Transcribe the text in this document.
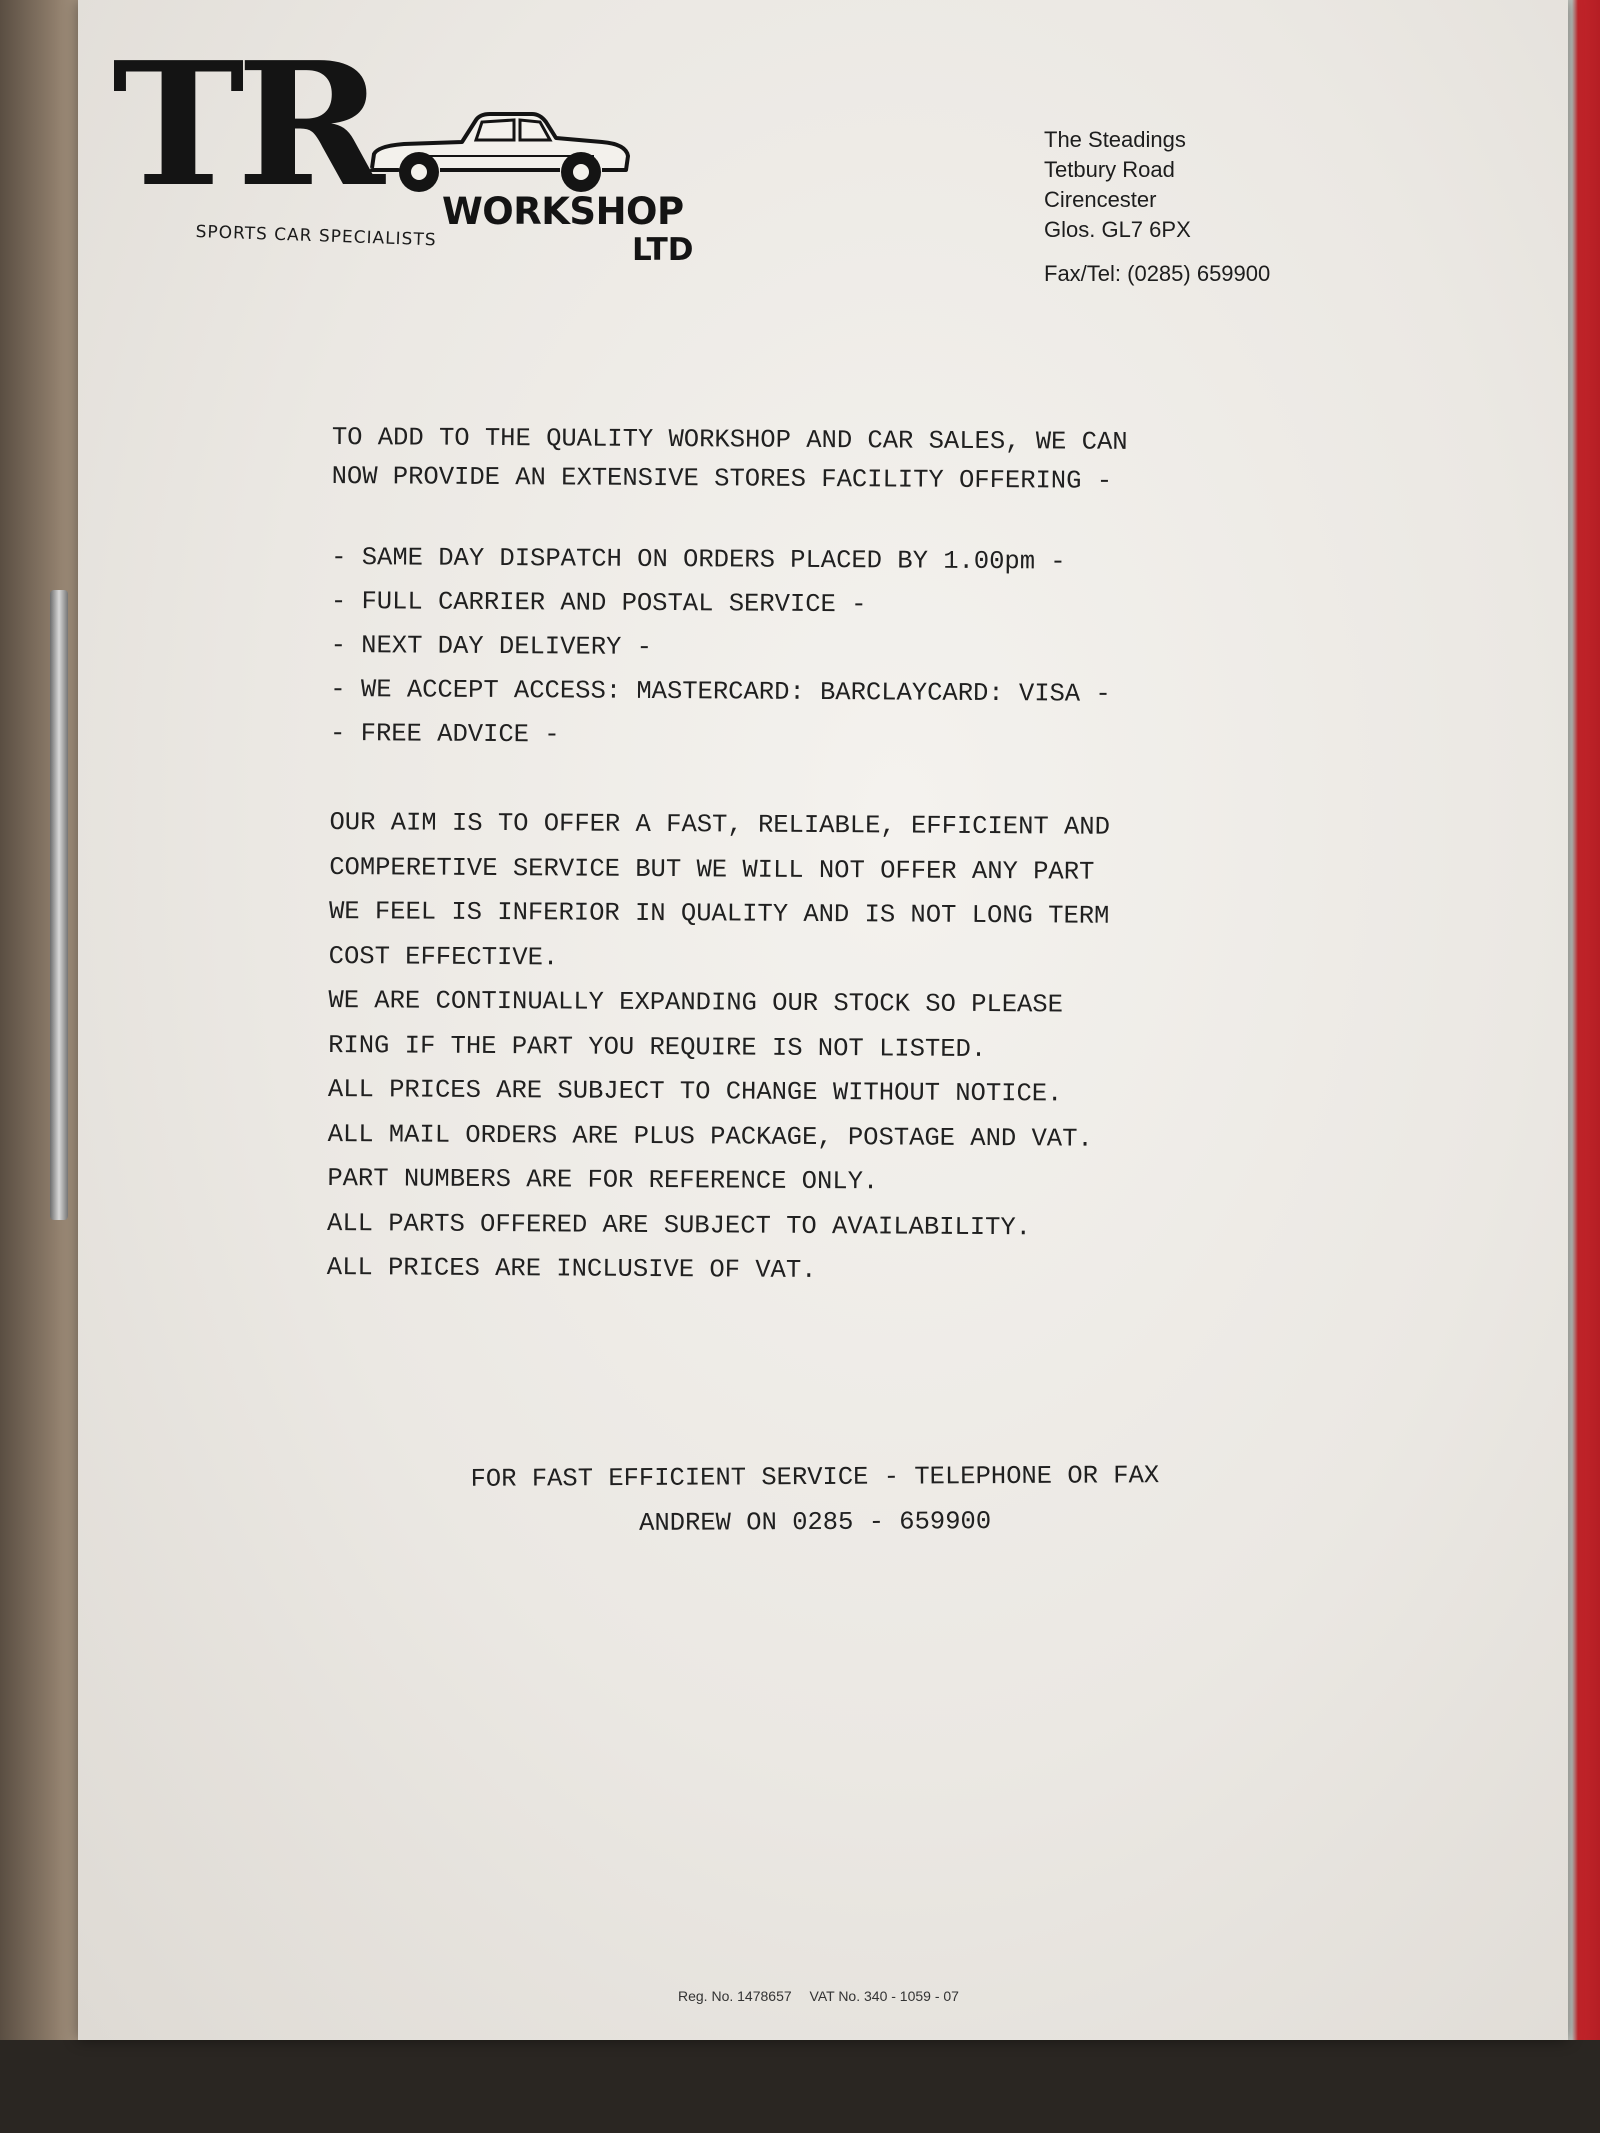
TR WORKSHOP
LTD
SPORTS CAR SPECIALISTS
The Steadings
Tetbury Road
Cirencester
Glos. GL7 6PX
Fax/Tel: (0285) 659900
TO ADD TO THE QUALITY WORKSHOP AND CAR SALES, WE CAN
NOW PROVIDE AN EXTENSIVE STORES FACILITY OFFERING -
- SAME DAY DISPATCH ON ORDERS PLACED BY 1.00pm -
- FULL CARRIER AND POSTAL SERVICE -
- NEXT DAY DELIVERY -
- WE ACCEPT ACCESS: MASTERCARD: BARCLAYCARD: VISA -
- FREE ADVICE -
OUR AIM IS TO OFFER A FAST, RELIABLE, EFFICIENT AND
COMPERETIVE SERVICE BUT WE WILL NOT OFFER ANY PART
WE FEEL IS INFERIOR IN QUALITY AND IS NOT LONG TERM
COST EFFECTIVE.
WE ARE CONTINUALLY EXPANDING OUR STOCK SO PLEASE
RING IF THE PART YOU REQUIRE IS NOT LISTED.
ALL PRICES ARE SUBJECT TO CHANGE WITHOUT NOTICE.
ALL MAIL ORDERS ARE PLUS PACKAGE, POSTAGE AND VAT.
PART NUMBERS ARE FOR REFERENCE ONLY.
ALL PARTS OFFERED ARE SUBJECT TO AVAILABILITY.
ALL PRICES ARE INCLUSIVE OF VAT.
FOR FAST EFFICIENT SERVICE - TELEPHONE OR FAX
ANDREW ON 0285 - 659900
Reg. No. 1478657 VAT No. 340 - 1059 - 07
